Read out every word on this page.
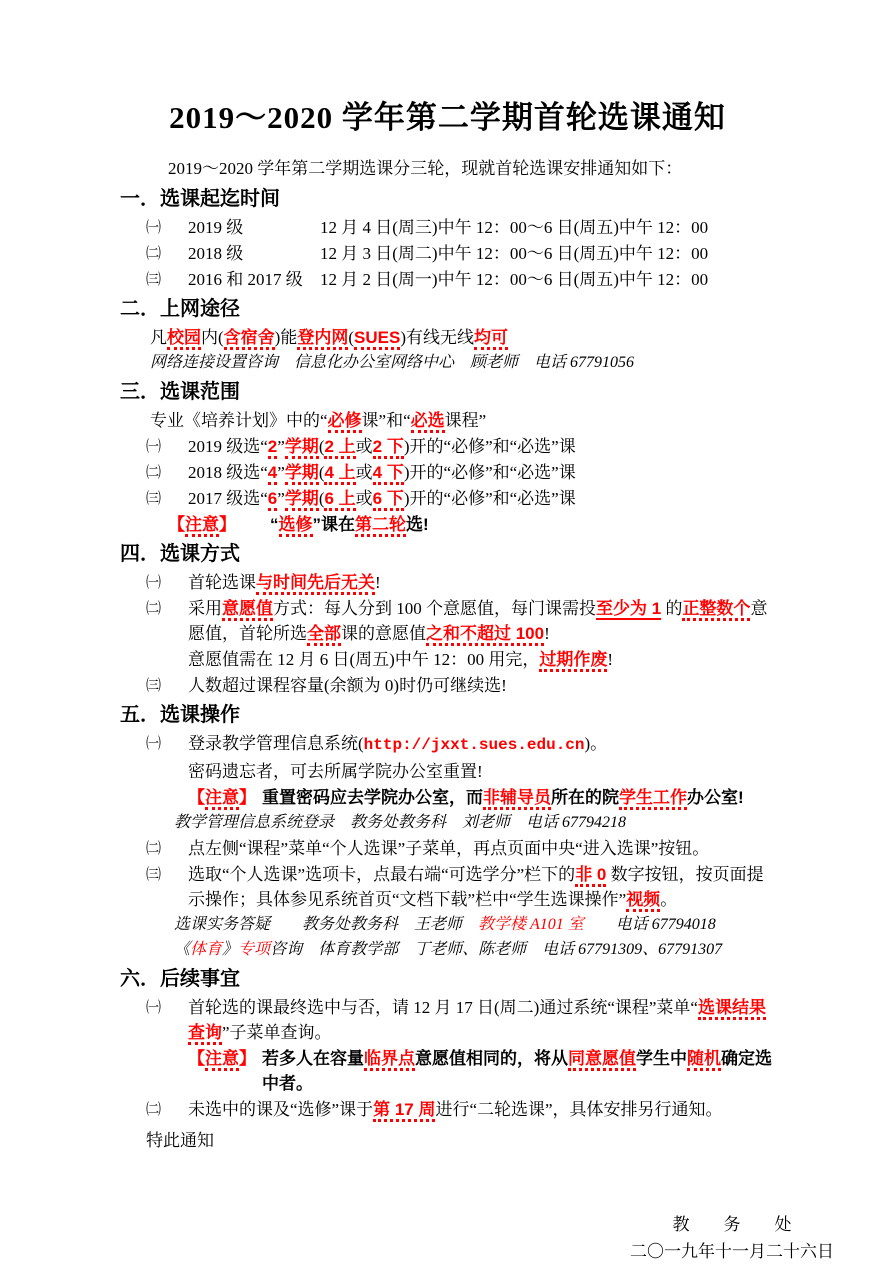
2019～2020 学年第二学期首轮选课通知

2019～2020 学年第二学期选课分三轮，现就首轮选课安排通知如下：

一．选课起迄时间
㈠ 2019 级	12 月 4 日(周三)中午 12：00～6 日(周五)中午 12：00
㈡ 2018 级	12 月 3 日(周二)中午 12：00～6 日(周五)中午 12：00
㈢ 2016 和 2017 级 12 月 2 日(周一)中午 12：00～6 日(周五)中午 12：00
二．上网途径
凡校园内(含宿舍)能登内网(SUES)有线无线均可
网络连接设置咨询　信息化办公室网络中心　顾老师　电话 67791056
三．选课范围
专业《培养计划》中的“必修课”和“必选课程”
㈠ 2019 级选“2”学期(2 上或2 下)开的“必修”和“必选”课
㈡ 2018 级选“4”学期(4 上或4 下)开的“必修”和“必选”课
㈢ 2017 级选“6”学期(6 上或6 下)开的“必修”和“必选”课
【注意】 “选修”课在第二轮选!
四．选课方式
㈠ 首轮选课与时间先后无关!
㈡ 采用意愿值方式：每人分到 100 个意愿值，每门课需投至少为 1 的正整数个意愿值，首轮所选全部课的意愿值之和不超过 100!
意愿值需在 12 月 6 日(周五)中午 12：00 用完，过期作废!
㈢ 人数超过课程容量(余额为 0)时仍可继续选!
五．选课操作
㈠ 登录教学管理信息系统(http://jxxt.sues.edu.cn)。
密码遗忘者，可去所属学院办公室重置!
【注意】 重置密码应去学院办公室，而非辅导员所在的院学生工作办公室!
教学管理信息系统登录　教务处教务科　刘老师　电话 67794218
㈡ 点左侧“课程”菜单“个人选课”子菜单，再点页面中央“进入选课”按钮。
㈢ 选取“个人选课”选项卡，点最右端“可选学分”栏下的非 0 数字按钮，按页面提示操作；具体参见系统首页“文档下载”栏中“学生选课操作”视频。
选课实务答疑　　教务处教务科　王老师　教学楼 A101 室　　电话 67794018
《体育》专项咨询　体育教学部　丁老师、陈老师　电话 67791309、67791307
六．后续事宜
㈠ 首轮选的课最终选中与否，请 12 月 17 日(周二)通过系统“课程”菜单“选课结果查询”子菜单查询。
【注意】 若多人在容量临界点意愿值相同的，将从同意愿值学生中随机确定选中者。
㈡ 未选中的课及“选修”课于第 17 周进行“二轮选课”，具体安排另行通知。
特此通知
教　　务　　处
二〇一九年十一月二十六日
